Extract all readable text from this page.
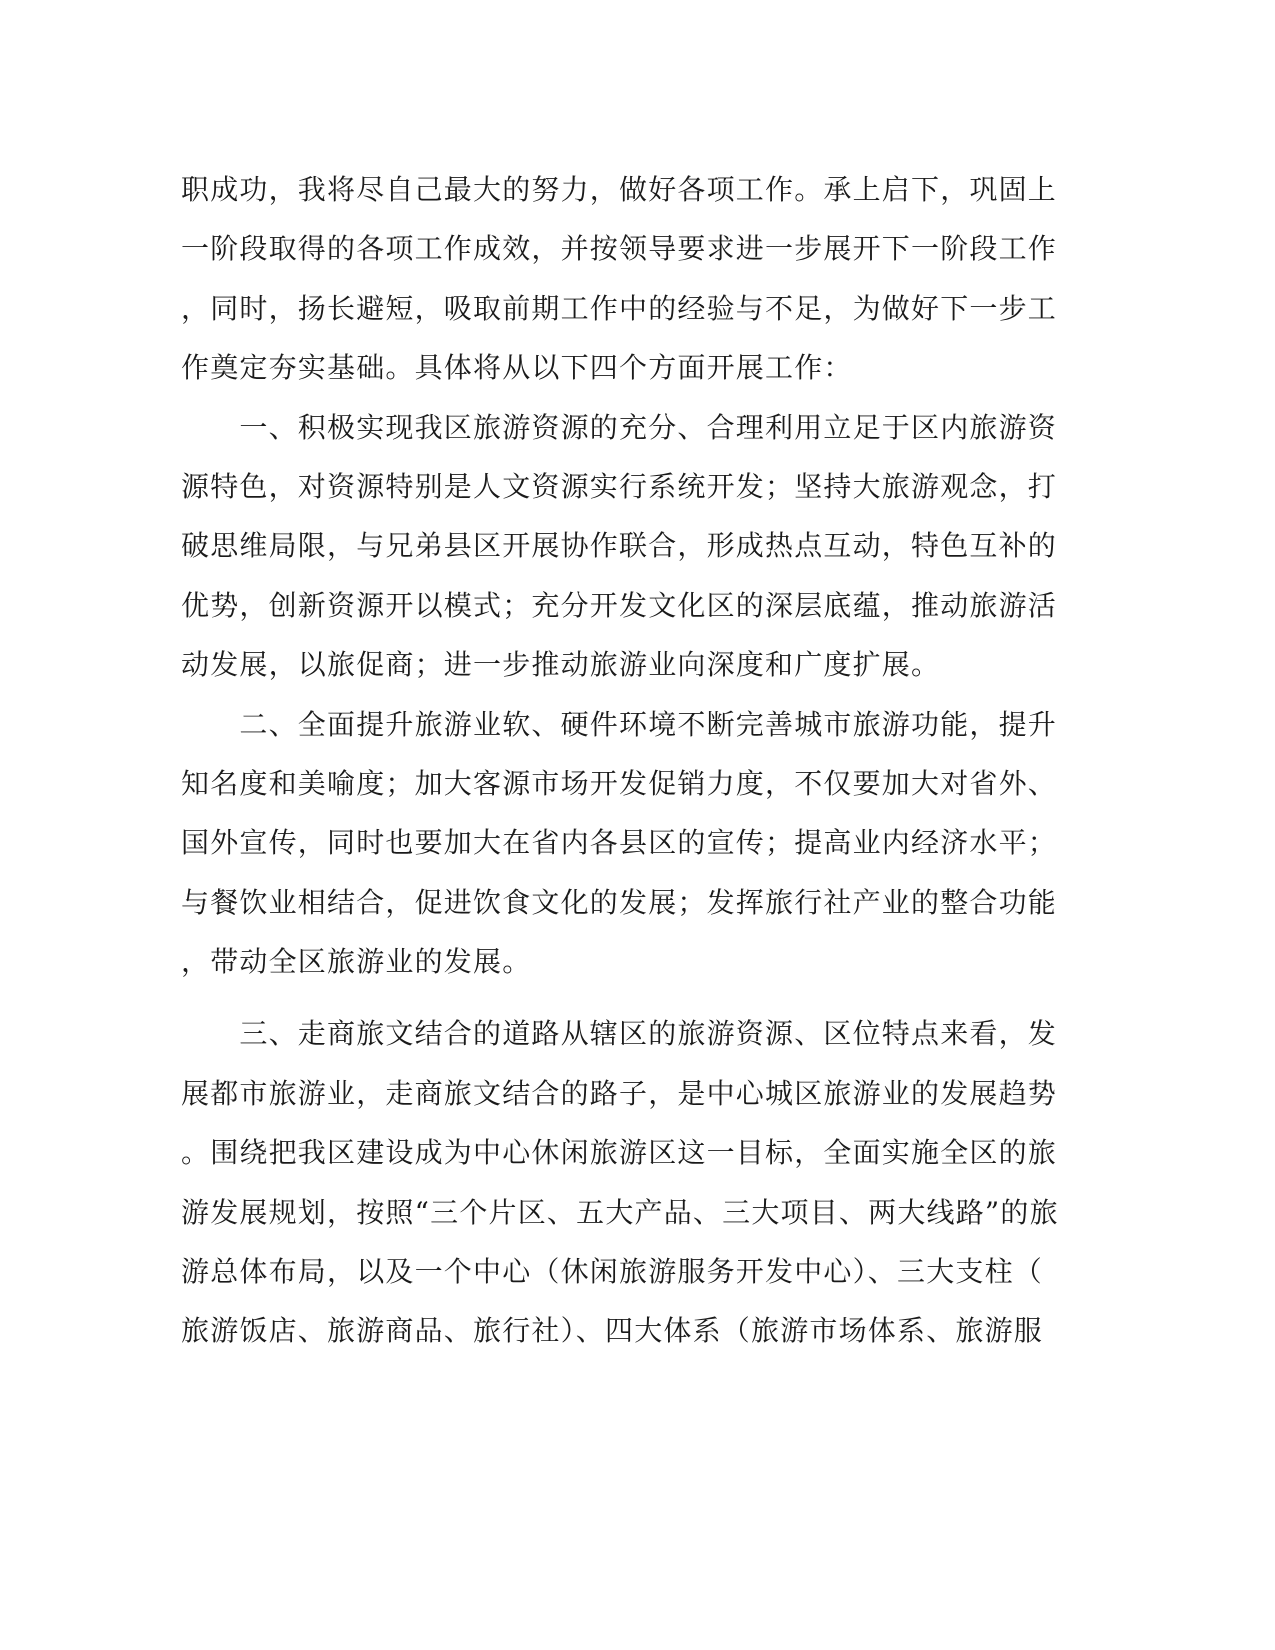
职成功，我将尽自己最大的努力，做好各项工作。承上启下，巩固上
一阶段取得的各项工作成效，并按领导要求进一步展开下一阶段工作
，同时，扬长避短，吸取前期工作中的经验与不足，为做好下一步工
作奠定夯实基础。具体将从以下四个方面开展工作：
　　一、积极实现我区旅游资源的充分、合理利用立足于区内旅游资
源特色，对资源特别是人文资源实行系统开发；坚持大旅游观念，打
破思维局限，与兄弟县区开展协作联合，形成热点互动，特色互补的
优势，创新资源开以模式；充分开发文化区的深层底蕴，推动旅游活
动发展，以旅促商；进一步推动旅游业向深度和广度扩展。
　　二、全面提升旅游业软、硬件环境不断完善城市旅游功能，提升
知名度和美喻度；加大客源市场开发促销力度，不仅要加大对省外、
国外宣传，同时也要加大在省内各县区的宣传；提高业内经济水平；
与餐饮业相结合，促进饮食文化的发展；发挥旅行社产业的整合功能
，带动全区旅游业的发展。
　　三、走商旅文结合的道路从辖区的旅游资源、区位特点来看，发
展都市旅游业，走商旅文结合的路子，是中心城区旅游业的发展趋势
。围绕把我区建设成为中心休闲旅游区这一目标，全面实施全区的旅
游发展规划，按照“三个片区、五大产品、三大项目、两大线路”的旅
游总体布局，以及一个中心（休闲旅游服务开发中心）、三大支柱（
旅游饭店、旅游商品、旅行社）、四大体系（旅游市场体系、旅游服
